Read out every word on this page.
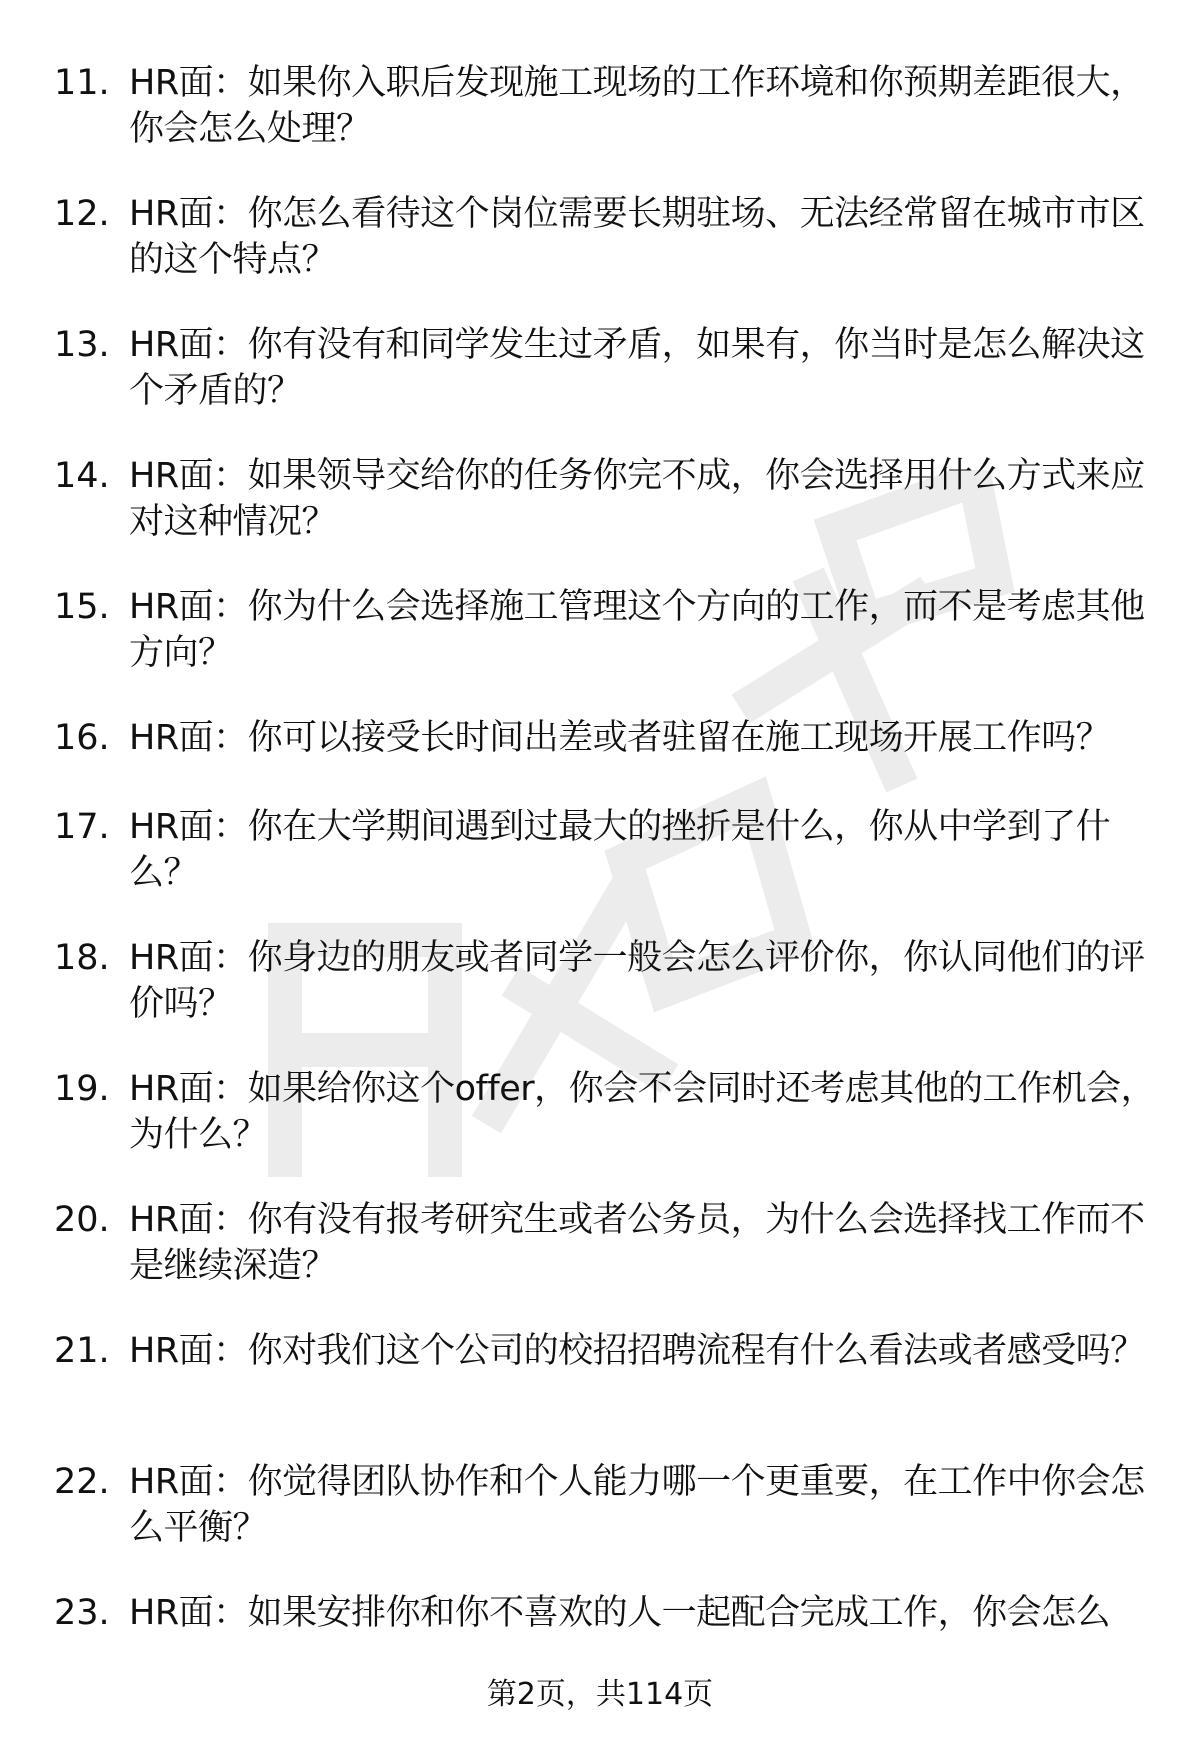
11. HR面：如果你入职后发现施工现场的工作环境和你预期差距很大，你会怎么处理？

12. HR面：你怎么看待这个岗位需要长期驻场、无法经常留在城市市区的这个特点？

13. HR面：你有没有和同学发生过矛盾，如果有，你当时是怎么解决这个矛盾的？

14. HR面：如果领导交给你的任务你完不成，你会选择用什么方式来应对这种情况？

15. HR面：你为什么会选择施工管理这个方向的工作，而不是考虑其他方向？

16. HR面：你可以接受长时间出差或者驻留在施工现场开展工作吗？

17. HR面：你在大学期间遇到过最大的挫折是什么，你从中学到了什么？

18. HR面：你身边的朋友或者同学一般会怎么评价你，你认同他们的评价吗？

19. HR面：如果给你这个offer，你会不会同时还考虑其他的工作机会，为什么？

20. HR面：你有没有报考研究生或者公务员，为什么会选择找工作而不是继续深造？

21. HR面：你对我们这个公司的校招招聘流程有什么看法或者感受吗？

22. HR面：你觉得团队协作和个人能力哪一个更重要，在工作中你会怎么平衡？

23. HR面：如果安排你和你不喜欢的人一起配合完成工作，你会怎么

第2页，共114页
